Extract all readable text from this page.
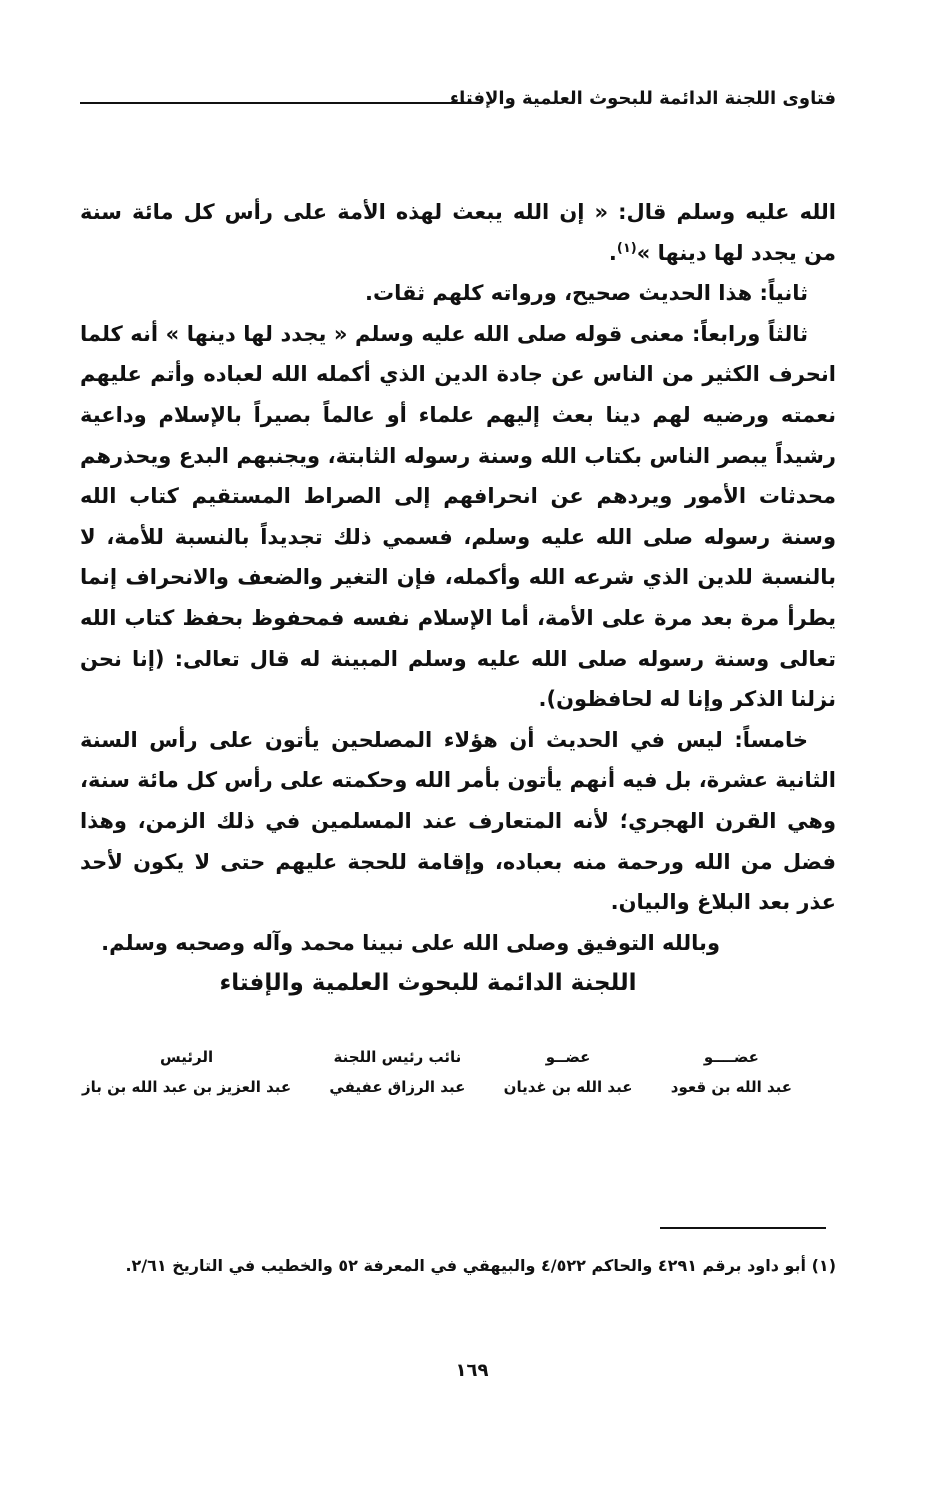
فتاوى اللجنة الدائمة للبحوث العلمية والإفتاء

الله عليه وسلم قال: « إن الله يبعث لهذه الأمة على رأس كل مائة سنة من يجدد لها دينها »$^{(١)}$.

ثانياً: هذا الحديث صحيح، ورواته كلهم ثقات.

ثالثاً ورابعاً: معنى قوله صلى الله عليه وسلم « يجدد لها دينها » أنه كلما انحرف الكثير من الناس عن جادة الدين الذي أكمله الله لعباده وأتم عليهم نعمته ورضيه لهم دينا بعث إليهم علماء أو عالماً بصيراً بالإسلام وداعية رشيداً يبصر الناس بكتاب الله وسنة رسوله الثابتة، ويجنبهم البدع ويحذرهم محدثات الأمور ويردهم عن انحرافهم إلى الصراط المستقيم كتاب الله وسنة رسوله صلى الله عليه وسلم، فسمي ذلك تجديداً بالنسبة للأمة، لا بالنسبة للدين الذي شرعه الله وأكمله، فإن التغير والضعف والانحراف إنما يطرأ مرة بعد مرة على الأمة، أما الإسلام نفسه فمحفوظ بحفظ كتاب الله تعالى وسنة رسوله صلى الله عليه وسلم المبينة له قال تعالى: (إنا نحن نزلنا الذكر وإنا له لحافظون).

خامساً: ليس في الحديث أن هؤلاء المصلحين يأتون على رأس السنة الثانية عشرة، بل فيه أنهم يأتون بأمر الله وحكمته على رأس كل مائة سنة، وهي القرن الهجري؛ لأنه المتعارف عند المسلمين في ذلك الزمن، وهذا فضل من الله ورحمة منه بعباده، وإقامة للحجة عليهم حتى لا يكون لأحد عذر بعد البلاغ والبيان.

وبالله التوفيق وصلى الله على نبينا محمد وآله وصحبه وسلم.

اللجنة الدائمة للبحوث العلمية والإفتاء

عضــــو
عبد الله بن قعود
عضــو
عبد الله بن غديان
نائب رئيس اللجنة
عبد الرزاق عفيفي
الرئيس
عبد العزيز بن عبد الله بن باز
(١) أبو داود برقم ٤٢٩١ والحاكم ٤/٥٢٢ والبيهقي في المعرفة ٥٢ والخطيب في التاريخ ٢/٦١.
١٦٩
